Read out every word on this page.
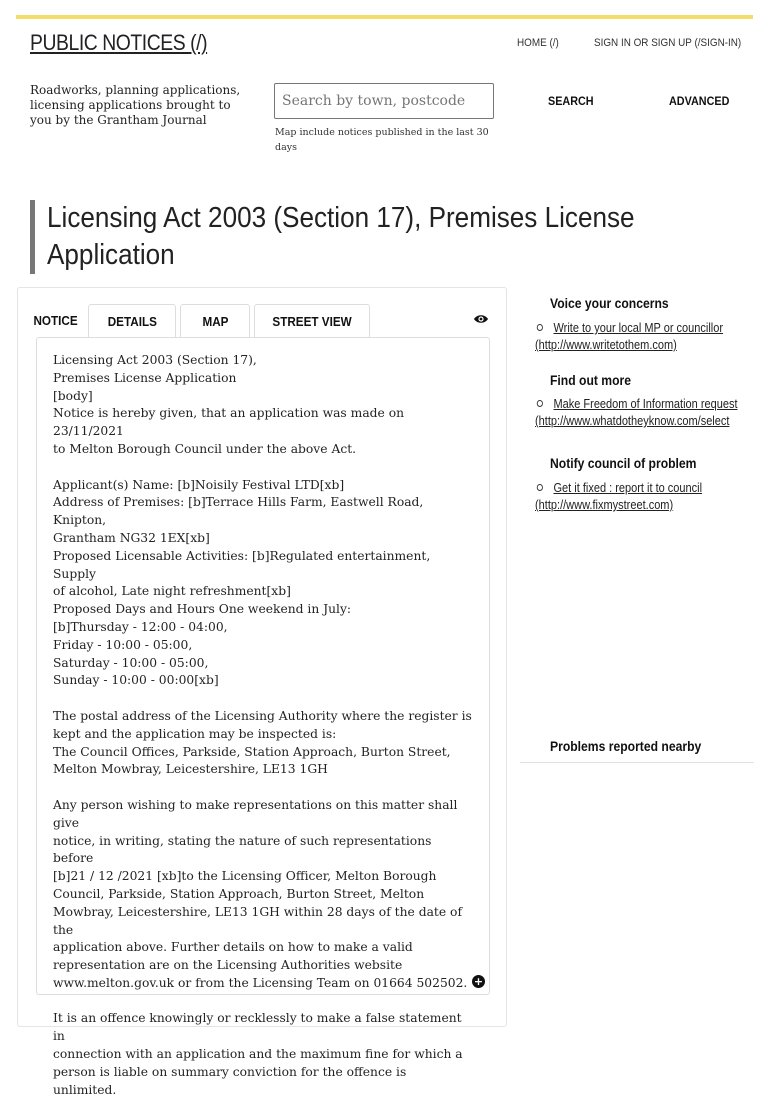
PUBLIC NOTICES (/)	HOME (/)	SIGN IN OR SIGN UP (/SIGN-IN)
Roadworks, planning applications, licensing applications brought to you by the Grantham Journal
Search by town, postcode
Map include notices published in the last 30 days
SEARCH	ADVANCED
Licensing Act 2003 (Section 17), Premises License Application
NOTICE	DETAILS	MAP	STREET VIEW
Licensing Act 2003 (Section 17),
Premises License Application
[body]
Notice is hereby given, that an application was made on 23/11/2021
to Melton Borough Council under the above Act.

Applicant(s) Name: [b]Noisily Festival LTD[xb]
Address of Premises: [b]Terrace Hills Farm, Eastwell Road, Knipton,
Grantham NG32 1EX[xb]
Proposed Licensable Activities: [b]Regulated entertainment, Supply
of alcohol, Late night refreshment[xb]
Proposed Days and Hours One weekend in July:
[b]Thursday - 12:00 - 04:00,
Friday - 10:00 - 05:00,
Saturday - 10:00 - 05:00,
Sunday - 10:00 - 00:00[xb]

The postal address of the Licensing Authority where the register is
kept and the application may be inspected is:
The Council Offices, Parkside, Station Approach, Burton Street,
Melton Mowbray, Leicestershire, LE13 1GH

Any person wishing to make representations on this matter shall give
notice, in writing, stating the nature of such representations before
[b]21 / 12 /2021 [xb]to the Licensing Officer, Melton Borough
Council, Parkside, Station Approach, Burton Street, Melton
Mowbray, Leicestershire, LE13 1GH within 28 days of the date of the
application above. Further details on how to make a valid
representation are on the Licensing Authorities website
www.melton.gov.uk or from the Licensing Team on 01664 502502.

It is an offence knowingly or recklessly to make a false statement in
connection with an application and the maximum fine for which a
person is liable on summary conviction for the offence is unlimited.
+
Voice your concerns
Write to your local MP or councillor
(http://www.writetothem.com)
Find out more
Make Freedom of Information request
(http://www.whatdotheyknow.com/select
Notify council of problem
Get it fixed : report it to council
(http://www.fixmystreet.com)
Problems reported nearby
